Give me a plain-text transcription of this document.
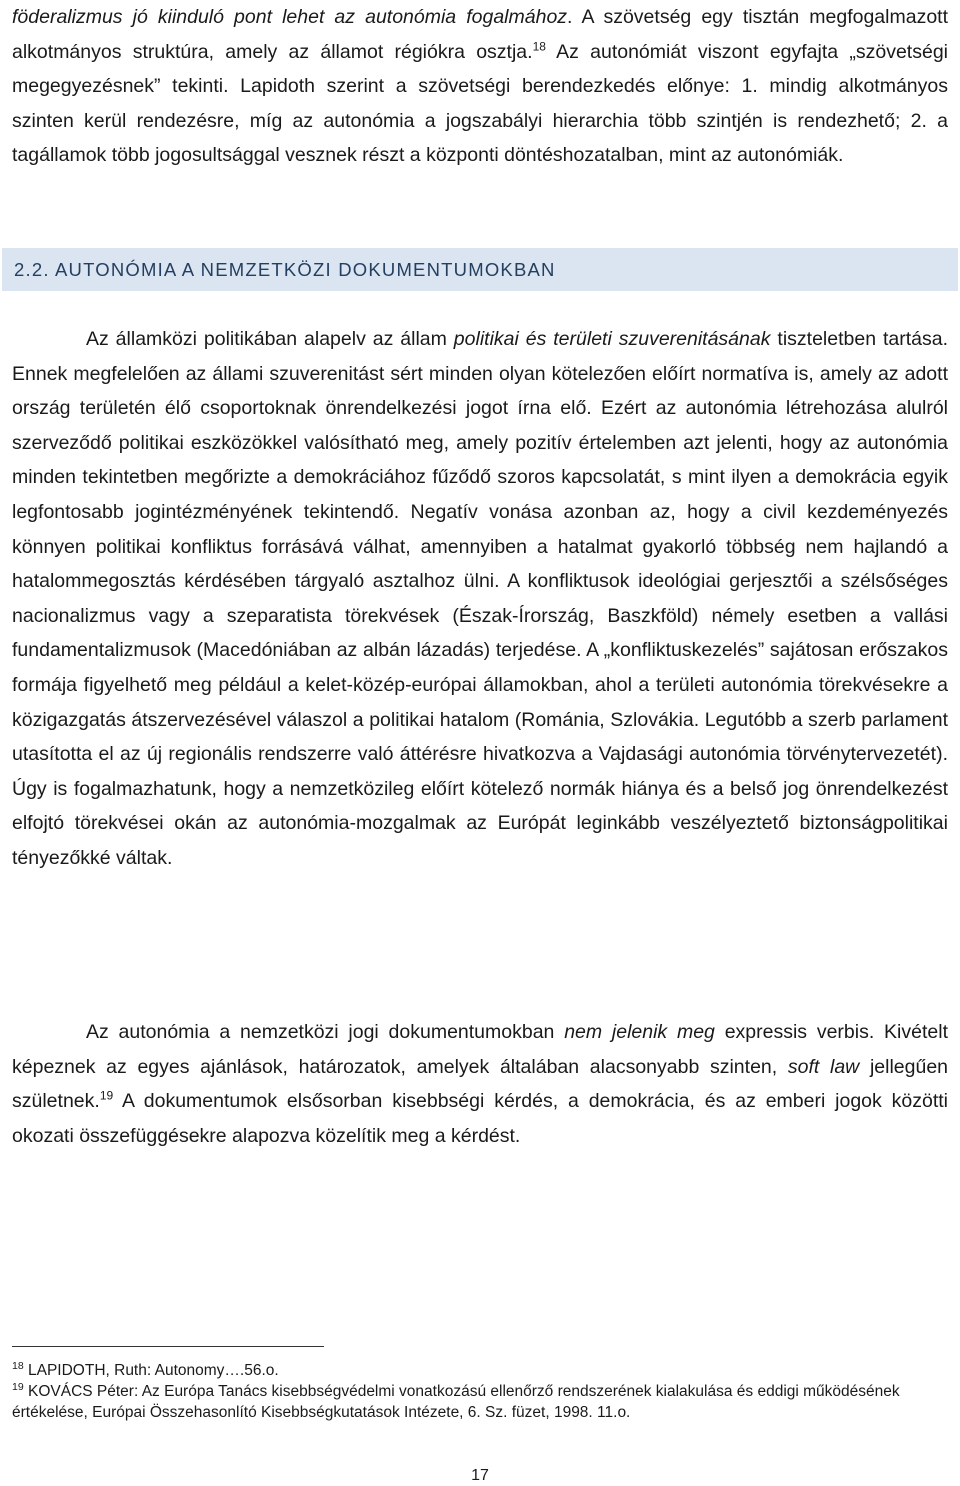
föderalizmus jó kiinduló pont lehet az autonómia fogalmához. A szövetség egy tisztán megfogalmazott alkotmányos struktúra, amely az államot régiókra osztja.$^{18}$ Az autonómiát viszont egyfajta „szövetségi megegyezésnek” tekinti. Lapidoth szerint a szövetségi berendezkedés előnye: 1. mindig alkotmányos szinten kerül rendezésre, míg az autonómia a jogszabályi hierarchia több szintjén is rendezhető; 2. a tagállamok több jogosultsággal vesznek részt a központi döntéshozatalban, mint az autonómiák.

2.2. AUTONÓMIA A NEMZETKÖZI DOKUMENTUMOKBAN

Az államközi politikában alapelv az állam politikai és területi szuverenitásának tiszteletben tartása. Ennek megfelelően az állami szuverenitást sért minden olyan kötelezően előírt normatíva is, amely az adott ország területén élő csoportoknak önrendelkezési jogot írna elő. Ezért az autonómia létrehozása alulról szerveződő politikai eszközökkel valósítható meg, amely pozitív értelemben azt jelenti, hogy az autonómia minden tekintetben megőrizte a demokráciához fűződő szoros kapcsolatát, s mint ilyen a demokrácia egyik legfontosabb jogintézményének tekintendő. Negatív vonása azonban az, hogy a civil kezdeményezés könnyen politikai konfliktus forrásává válhat, amennyiben a hatalmat gyakorló többség nem hajlandó a hatalommegosztás kérdésében tárgyaló asztalhoz ülni. A konfliktusok ideológiai gerjesztői a szélsőséges nacionalizmus vagy a szeparatista törekvések (Észak-Írország, Baszkföld) némely esetben a vallási fundamentalizmusok (Macedóniában az albán lázadás) terjedése. A „konfliktuskezelés” sajátosan erőszakos formája figyelhető meg például a kelet-közép-európai államokban, ahol a területi autonómia törekvésekre a közigazgatás átszervezésével válaszol a politikai hatalom (Románia, Szlovákia. Legutóbb a szerb parlament utasította el az új regionális rendszerre való áttérésre hivatkozva a Vajdasági autonómia törvénytervezetét). Úgy is fogalmazhatunk, hogy a nemzetközileg előírt kötelező normák hiánya és a belső jog önrendelkezést elfojtó törekvései okán az autonómia-mozgalmak az Európát leginkább veszélyeztető biztonságpolitikai tényezőkké váltak.

Az autonómia a nemzetközi jogi dokumentumokban nem jelenik meg expressis verbis. Kivételt képeznek az egyes ajánlások, határozatok, amelyek általában alacsonyabb szinten, soft law jellegűen születnek.$^{19}$ A dokumentumok elsősorban kisebbségi kérdés, a demokrácia, és az emberi jogok közötti okozati összefüggésekre alapozva közelítik meg a kérdést.

$^{18}$ LAPIDOTH, Ruth: Autonomy….56.o.

$^{19}$ KOVÁCS Péter: Az Európa Tanács kisebbségvédelmi vonatkozású ellenőrző rendszerének kialakulása és eddigi működésének értékelése, Európai Összehasonlító Kisebbségkutatások Intézete, 6. Sz. füzet, 1998. 11.o.

17
